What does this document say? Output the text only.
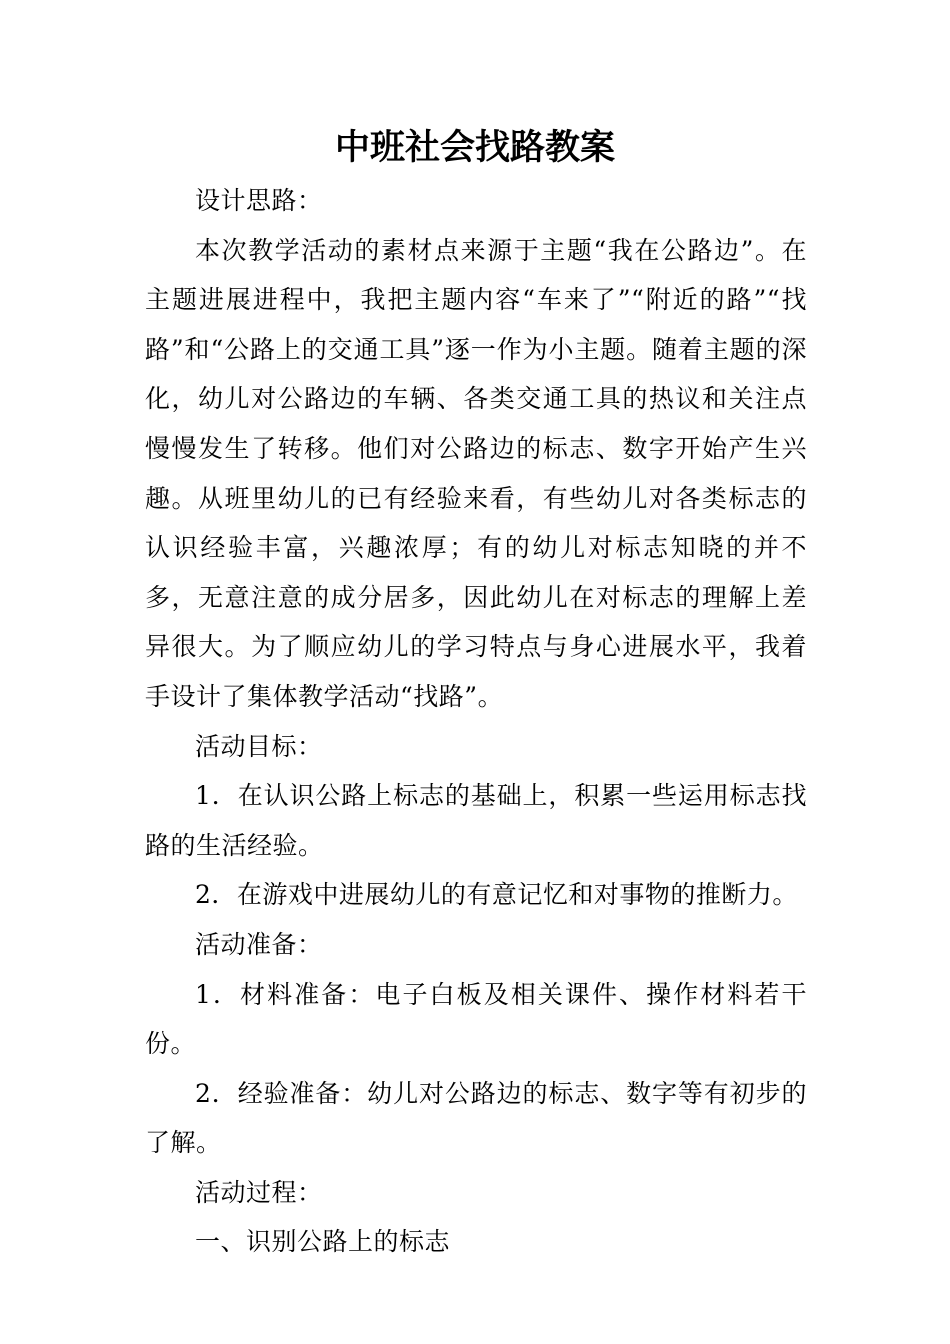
中班社会找路教案

设计思路：

本次教学活动的素材点来源于主题“我在公路边”。在主题进展进程中，我把主题内容“车来了”“附近的路”“找路”和“公路上的交通工具”逐一作为小主题。随着主题的深化，幼儿对公路边的车辆、各类交通工具的热议和关注点慢慢发生了转移。他们对公路边的标志、数字开始产生兴趣。从班里幼儿的已有经验来看，有些幼儿对各类标志的认识经验丰富，兴趣浓厚；有的幼儿对标志知晓的并不多，无意注意的成分居多，因此幼儿在对标志的理解上差异很大。为了顺应幼儿的学习特点与身心进展水平，我着手设计了集体教学活动“找路”。

活动目标：

1．在认识公路上标志的基础上，积累一些运用标志找路的生活经验。

2．在游戏中进展幼儿的有意记忆和对事物的推断力。

活动准备：

1．材料准备：电子白板及相关课件、操作材料若干份。

2．经验准备：幼儿对公路边的标志、数字等有初步的了解。

活动过程：

一、识别公路上的标志
